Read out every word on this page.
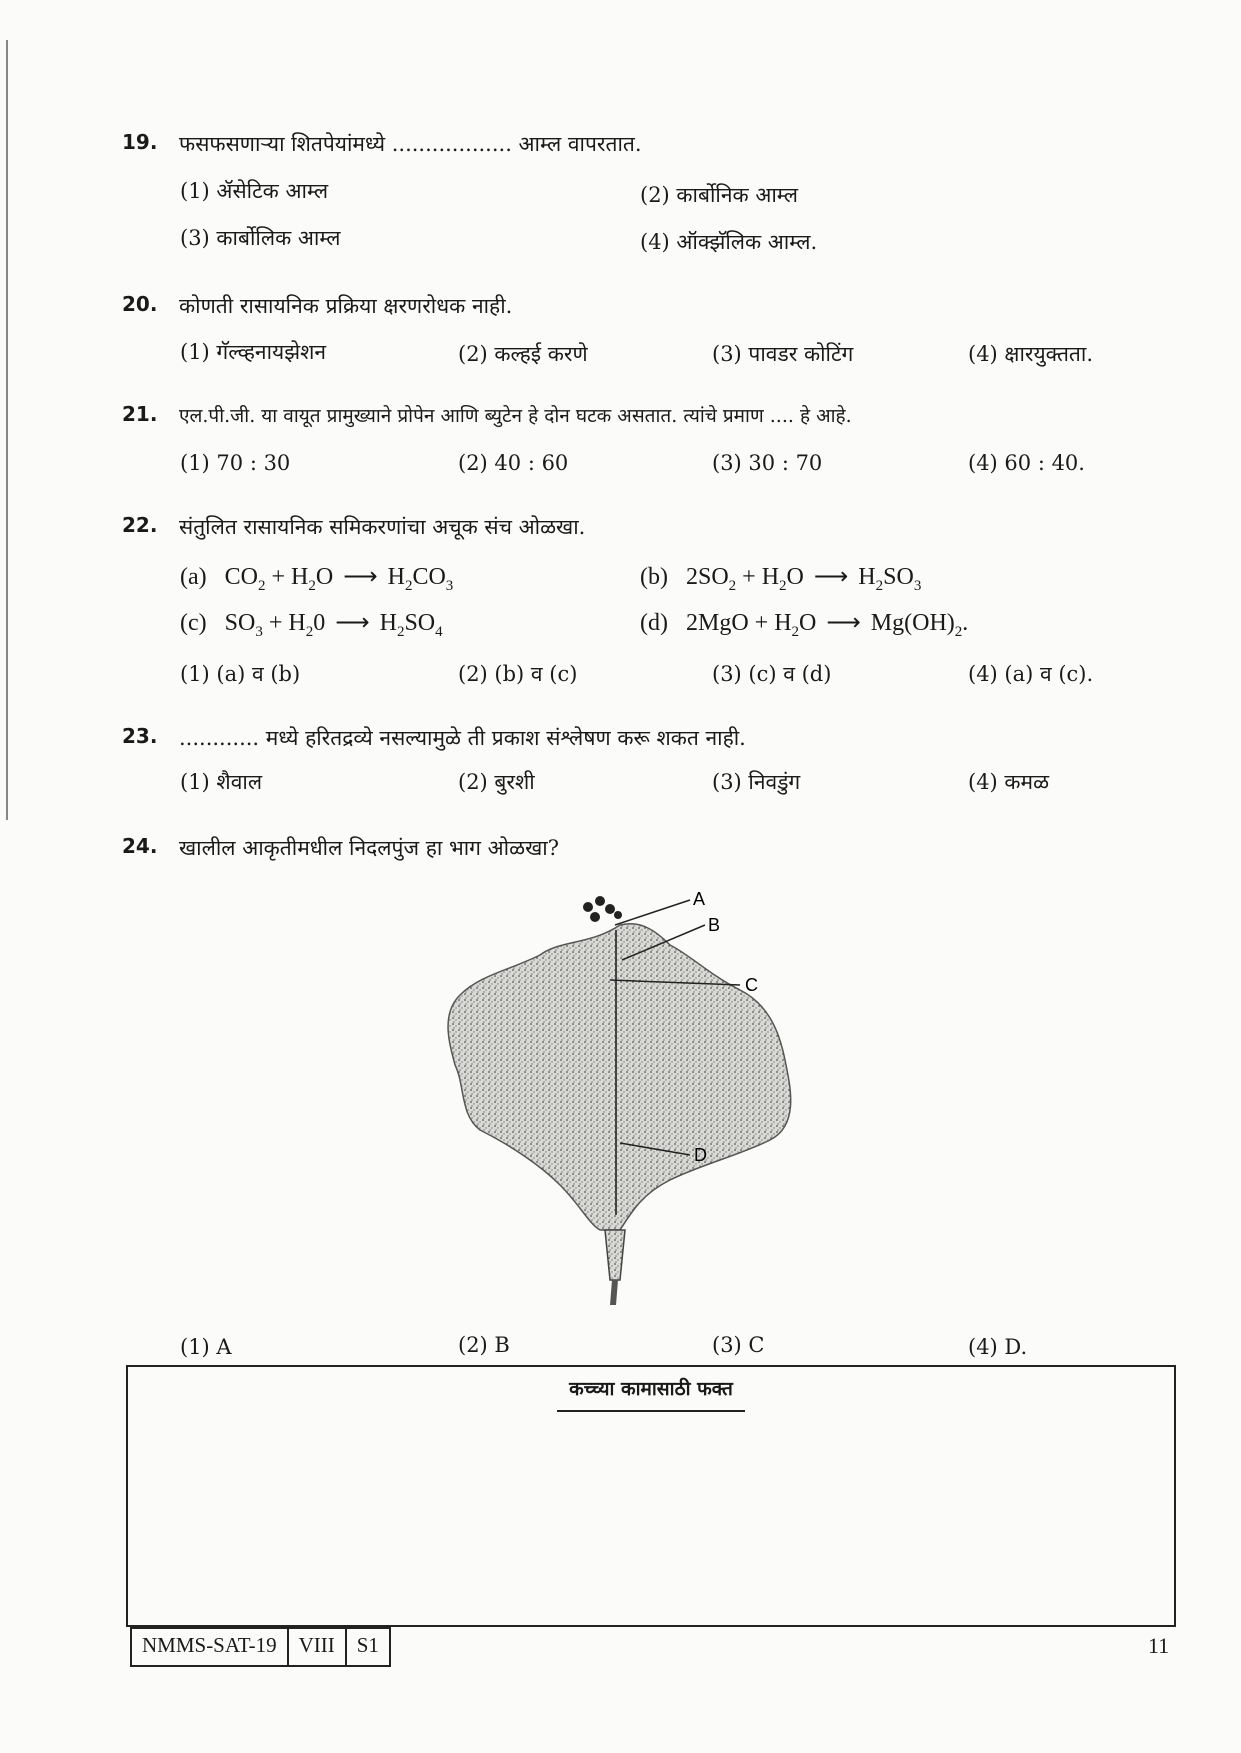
19. फसफसणाऱ्या शितपेयांमध्ये .................. आम्ल वापरतात.
(1) ॲसेटिक आम्ल	(2) कार्बोनिक आम्ल
(3) कार्बोलिक आम्ल	(4) ऑक्झॅलिक आम्ल.
20. कोणती रासायनिक प्रक्रिया क्षरणरोधक नाही.
(1) गॅल्व्हनायझेशन	(2) कल्हई करणे	(3) पावडर कोटिंग	(4) क्षारयुक्तता.
21. एल.पी.जी. या वायूत प्रामुख्याने प्रोपेन आणि ब्युटेन हे दोन घटक असतात. त्यांचे प्रमाण .... हे आहे.
(1) 70 : 30	(2) 40 : 60	(3) 30 : 70	(4) 60 : 40.
22. संतुलित रासायनिक समिकरणांचा अचूक संच ओळखा.
(a) $CO_2 + H_2O$ ⟶ $H_2CO_3$	(b) $2SO_2 + H_2O$ ⟶ $H_2SO_3$
(c) $SO_3 + H_20$ ⟶ $H_2SO_4$	(d) $2MgO + H_2O$ ⟶ $Mg(OH)_2$.
(1) (a) व (b)	(2) (b) व (c)	(3) (c) व (d)	(4) (a) व (c).
23. ............ मध्ये हरितद्रव्ये नसल्यामुळे ती प्रकाश संश्लेषण करू शकत नाही.
(1) शैवाल	(2) बुरशी	(3) निवडुंग	(4) कमळ
24. खालील आकृतीमधील निदलपुंज हा भाग ओळखा?
A
B
C
D
(1) A	(2) B	(3) C	(4) D.
कच्च्या कामासाठी फक्त
NMMS-SAT-19	VIII	S1	11
